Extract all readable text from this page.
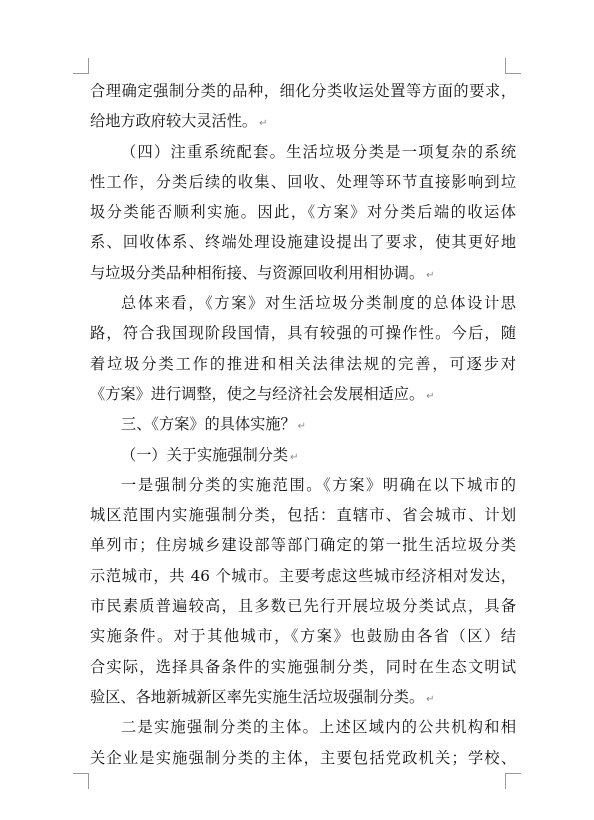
合理确定强制分类的品种，细化分类收运处置等方面的要求，
给地方政府较大灵活性。 ↵
（四）注重系统配套。生活垃圾分类是一项复杂的系统
性工作，分类后续的收集、回收、处理等环节直接影响到垃
圾分类能否顺利实施。因此，《方案》对分类后端的收运体
系、回收体系、终端处理设施建设提出了要求，使其更好地
与垃圾分类品种相衔接、与资源回收利用相协调。 ↵
总体来看，《方案》对生活垃圾分类制度的总体设计思
路，符合我国现阶段国情，具有较强的可操作性。今后，随
着垃圾分类工作的推进和相关法律法规的完善，可逐步对
《方案》进行调整，使之与经济社会发展相适应。 ↵
三、《方案》的具体实施？ ↵
（一）关于实施强制分类 ↵
一是强制分类的实施范围。《方案》明确在以下城市的
城区范围内实施强制分类，包括：直辖市、省会城市、计划
单列市；住房城乡建设部等部门确定的第一批生活垃圾分类
示范城市，共 46 个城市。主要考虑这些城市经济相对发达，
市民素质普遍较高，且多数已先行开展垃圾分类试点，具备
实施条件。对于其他城市，《方案》也鼓励由各省（区）结
合实际，选择具备条件的实施强制分类，同时在生态文明试
验区、各地新城新区率先实施生活垃圾强制分类。 ↵
二是实施强制分类的主体。上述区域内的公共机构和相
关企业是实施强制分类的主体，主要包括党政机关；学校、
